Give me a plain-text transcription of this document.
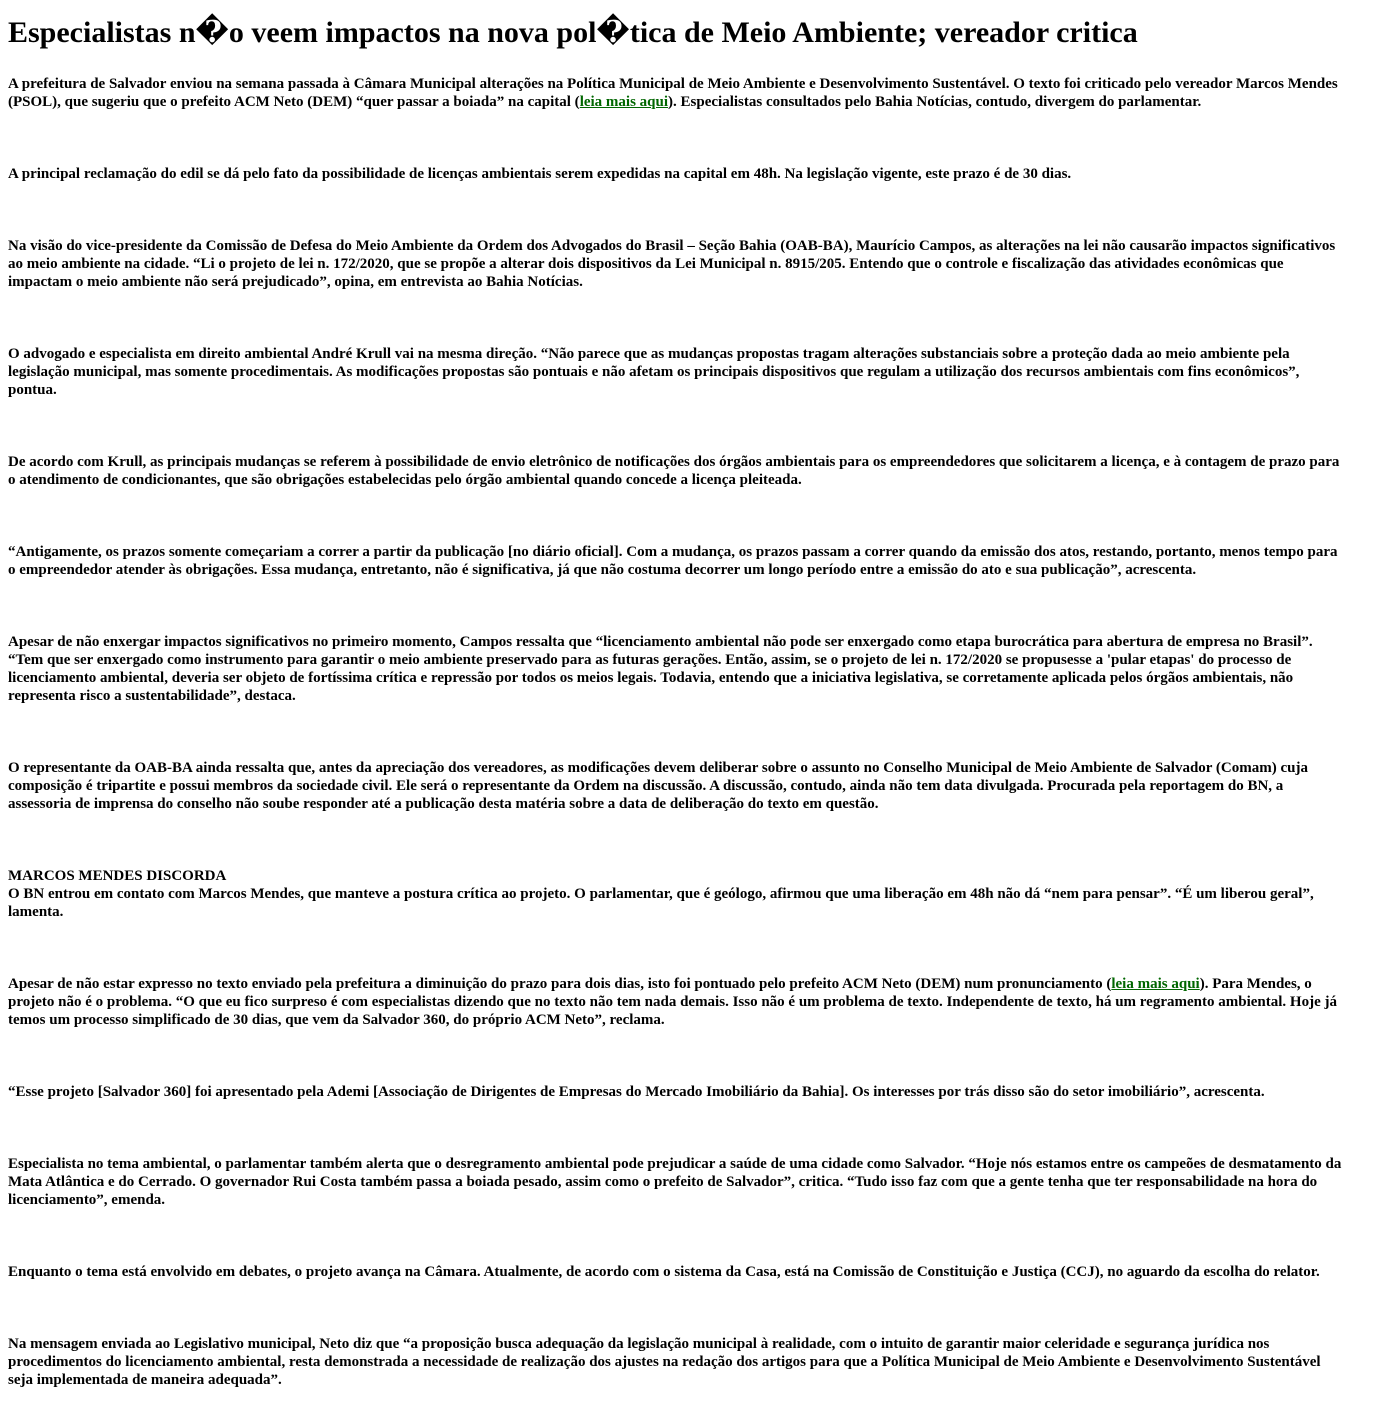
Especialistas n�o veem impactos na nova pol�tica de Meio Ambiente; vereador critica

A prefeitura de Salvador enviou na semana passada à Câmara Municipal alterações na Política Municipal de Meio Ambiente e Desenvolvimento Sustentável. O texto foi criticado pelo vereador Marcos Mendes (PSOL), que sugeriu que o prefeito ACM Neto (DEM) “quer passar a boiada” na capital (leia mais aqui). Especialistas consultados pelo Bahia Notícias, contudo, divergem do parlamentar.

A principal reclamação do edil se dá pelo fato da possibilidade de licenças ambientais serem expedidas na capital em 48h. Na legislação vigente, este prazo é de 30 dias.

Na visão do vice-presidente da Comissão de Defesa do Meio Ambiente da Ordem dos Advogados do Brasil – Seção Bahia (OAB-BA), Maurício Campos, as alterações na lei não causarão impactos significativos ao meio ambiente na cidade. “Li o projeto de lei n. 172/2020, que se propõe a alterar dois dispositivos da Lei Municipal n. 8915/205. Entendo que o controle e fiscalização das atividades econômicas que impactam o meio ambiente não será prejudicado”, opina, em entrevista ao Bahia Notícias.

O advogado e especialista em direito ambiental André Krull vai na mesma direção. “Não parece que as mudanças propostas tragam alterações substanciais sobre a proteção dada ao meio ambiente pela legislação municipal, mas somente procedimentais. As modificações propostas são pontuais e não afetam os principais dispositivos que regulam a utilização dos recursos ambientais com fins econômicos”, pontua.

De acordo com Krull, as principais mudanças se referem à possibilidade de envio eletrônico de notificações dos órgãos ambientais para os empreendedores que solicitarem a licença, e à contagem de prazo para o atendimento de condicionantes, que são obrigações estabelecidas pelo órgão ambiental quando concede a licença pleiteada.

“Antigamente, os prazos somente começariam a correr a partir da publicação [no diário oficial]. Com a mudança, os prazos passam a correr quando da emissão dos atos, restando, portanto, menos tempo para o empreendedor atender às obrigações. Essa mudança, entretanto, não é significativa, já que não costuma decorrer um longo período entre a emissão do ato e sua publicação”, acrescenta.

Apesar de não enxergar impactos significativos no primeiro momento, Campos ressalta que “licenciamento ambiental não pode ser enxergado como etapa burocrática para abertura de empresa no Brasil”. “Tem que ser enxergado como instrumento para garantir o meio ambiente preservado para as futuras gerações. Então, assim, se o projeto de lei n. 172/2020 se propusesse a 'pular etapas' do processo de licenciamento ambiental, deveria ser objeto de fortíssima crítica e repressão por todos os meios legais. Todavia, entendo que a iniciativa legislativa, se corretamente aplicada pelos órgãos ambientais, não representa risco a sustentabilidade”, destaca.

O representante da OAB-BA ainda ressalta que, antes da apreciação dos vereadores, as modificações devem deliberar sobre o assunto no Conselho Municipal de Meio Ambiente de Salvador (Comam) cuja composição é tripartite e possui membros da sociedade civil. Ele será o representante da Ordem na discussão. A discussão, contudo, ainda não tem data divulgada. Procurada pela reportagem do BN, a assessoria de imprensa do conselho não soube responder até a publicação desta matéria sobre a data de deliberação do texto em questão.

MARCOS MENDES DISCORDA
O BN entrou em contato com Marcos Mendes, que manteve a postura crítica ao projeto. O parlamentar, que é geólogo, afirmou que uma liberação em 48h não dá “nem para pensar”. “É um liberou geral”, lamenta.

Apesar de não estar expresso no texto enviado pela prefeitura a diminuição do prazo para dois dias, isto foi pontuado pelo prefeito ACM Neto (DEM) num pronunciamento (leia mais aqui). Para Mendes, o projeto não é o problema. “O que eu fico surpreso é com especialistas dizendo que no texto não tem nada demais. Isso não é um problema de texto. Independente de texto, há um regramento ambiental. Hoje já temos um processo simplificado de 30 dias, que vem da Salvador 360, do próprio ACM Neto”, reclama.

“Esse projeto [Salvador 360] foi apresentado pela Ademi [Associação de Dirigentes de Empresas do Mercado Imobiliário da Bahia]. Os interesses por trás disso são do setor imobiliário”, acrescenta.

Especialista no tema ambiental, o parlamentar também alerta que o desregramento ambiental pode prejudicar a saúde de uma cidade como Salvador. “Hoje nós estamos entre os campeões de desmatamento da Mata Atlântica e do Cerrado. O governador Rui Costa também passa a boiada pesado, assim como o prefeito de Salvador”, critica. “Tudo isso faz com que a gente tenha que ter responsabilidade na hora do licenciamento”, emenda.

Enquanto o tema está envolvido em debates, o projeto avança na Câmara. Atualmente, de acordo com o sistema da Casa, está na Comissão de Constituição e Justiça (CCJ), no aguardo da escolha do relator.

Na mensagem enviada ao Legislativo municipal, Neto diz que “a proposição busca adequação da legislação municipal à realidade, com o intuito de garantir maior celeridade e segurança jurídica nos procedimentos do licenciamento ambiental, resta demonstrada a necessidade de realização dos ajustes na redação dos artigos para que a Política Municipal de Meio Ambiente e Desenvolvimento Sustentável seja implementada de maneira adequada”.
